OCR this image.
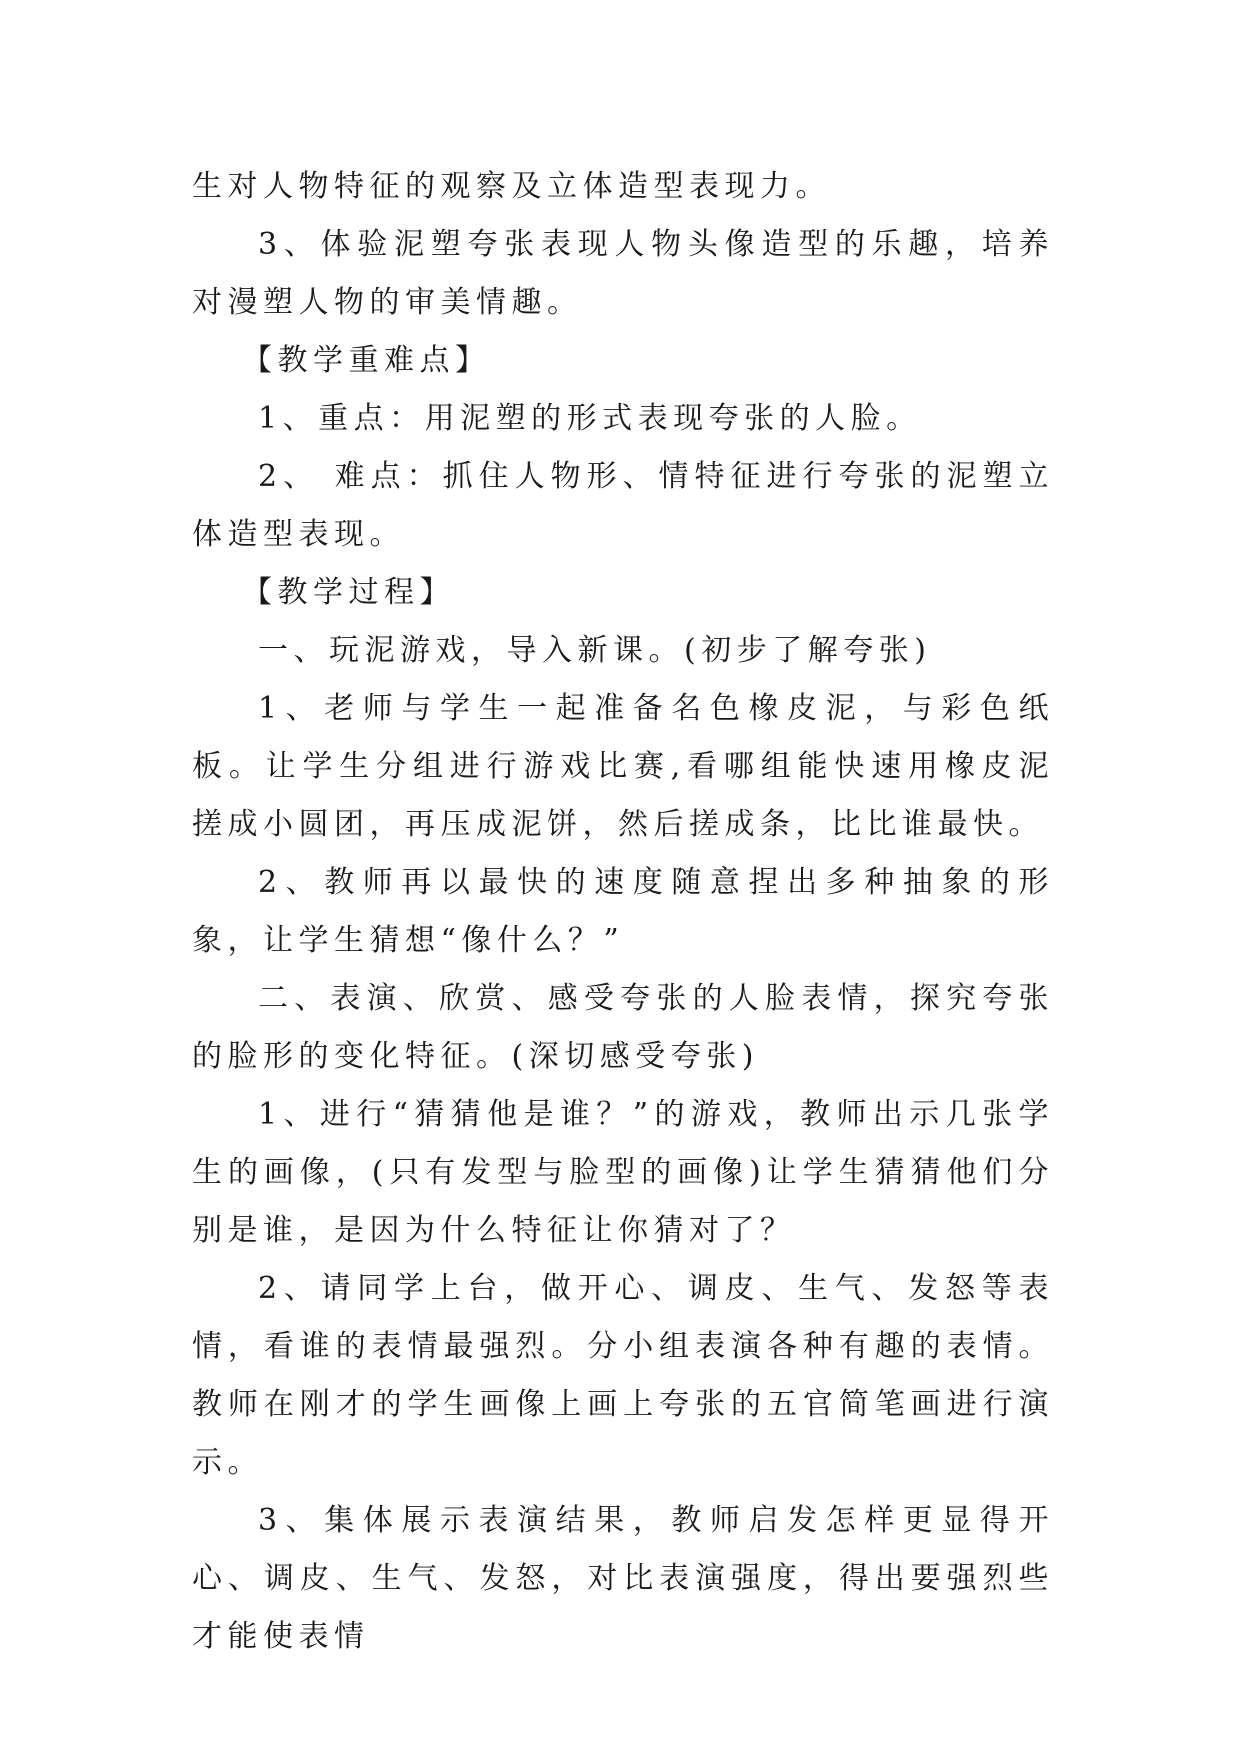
生对人物特征的观察及立体造型表现力。

3、体验泥塑夸张表现人物头像造型的乐趣，培养对漫塑人物的审美情趣。

【教学重难点】

1、重点：用泥塑的形式表现夸张的人脸。

2、 难点：抓住人物形、情特征进行夸张的泥塑立体造型表现。

【教学过程】

一、玩泥游戏，导入新课。(初步了解夸张)

1、老师与学生一起准备名色橡皮泥，与彩色纸板。让学生分组进行游戏比赛,看哪组能快速用橡皮泥搓成小圆团，再压成泥饼，然后搓成条，比比谁最快。

2、教师再以最快的速度随意捏出多种抽象的形象，让学生猜想“像什么？”

二、表演、欣赏、感受夸张的人脸表情，探究夸张的脸形的变化特征。(深切感受夸张)

1、进行“猜猜他是谁？”的游戏，教师出示几张学生的画像，(只有发型与脸型的画像)让学生猜猜他们分别是谁，是因为什么特征让你猜对了？

2、请同学上台，做开心、调皮、生气、发怒等表情，看谁的表情最强烈。分小组表演各种有趣的表情。教师在刚才的学生画像上画上夸张的五官简笔画进行演示。

3、集体展示表演结果，教师启发怎样更显得开心、调皮、生气、发怒，对比表演强度，得出要强烈些才能使表情
